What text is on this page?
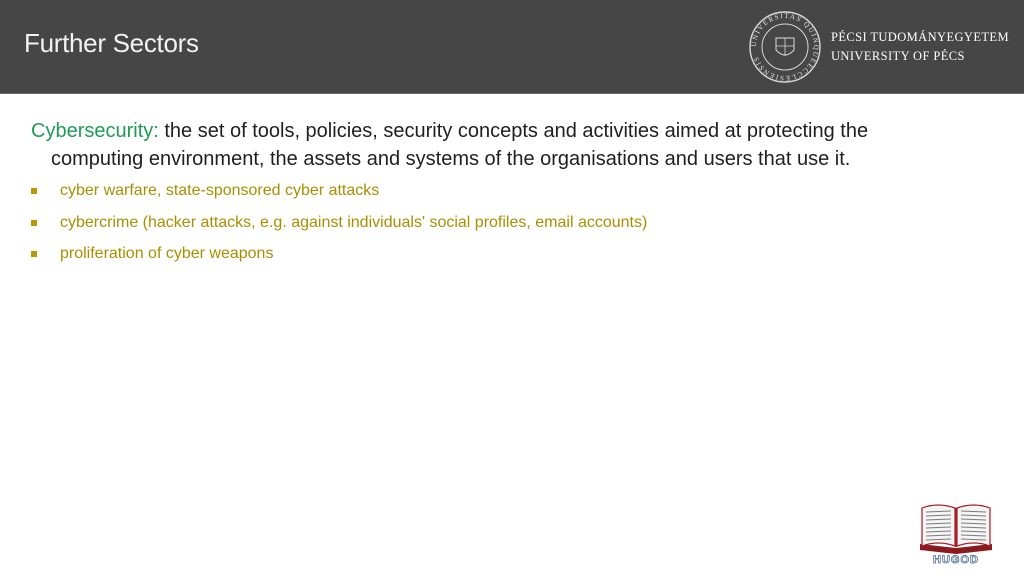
Further Sectors	UNIVERSITAS QUINQUEECCLESIENSIS
PÉCSI TUDOMÁNYEGYETEM
UNIVERSITY OF PÉCS

Cybersecurity: the set of tools, policies, security concepts and activities aimed at protecting the computing environment, the assets and systems of the organisations and users that use it.

cyber warfare, state-sponsored cyber attacks
cybercrime (hacker attacks, e.g. against individuals' social profiles, email accounts)
proliferation of cyber weapons
HUGOD
